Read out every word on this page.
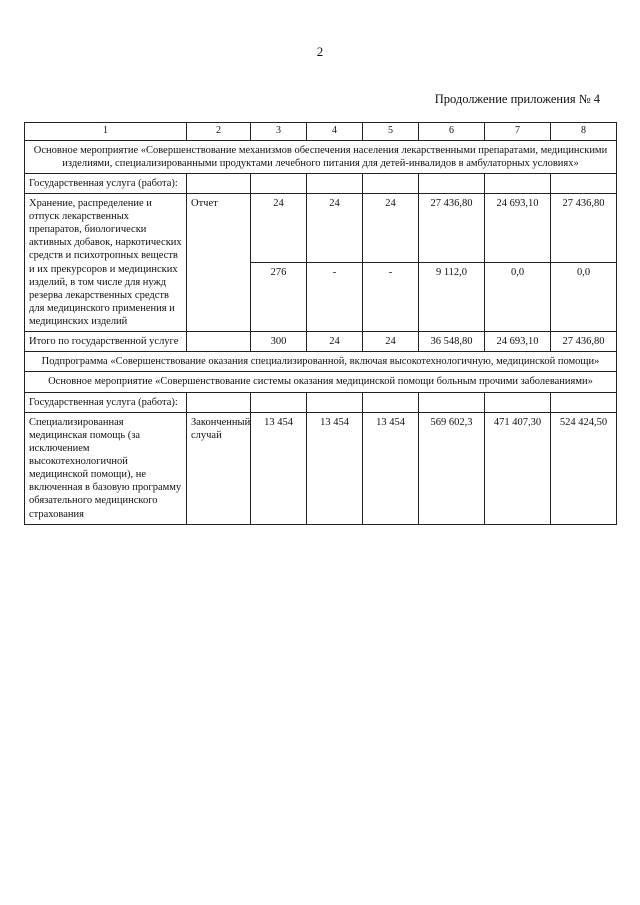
2
Продолжение приложения № 4
1	2	3	4	5	6	7	8
Основное мероприятие «Совершенствование механизмов обеспечения населения лекарственными препаратами, медицинскими изделиями, специализированными продуктами лечебного питания для детей-инвалидов в амбулаторных условиях»							
Государственная услуга (работа):							
Хранение, распределение и отпуск лекарственных препаратов, биологически активных добавок, наркотических средств и психотропных веществ и их прекурсоров и медицинских изделий, в том числе для нужд резерва лекарственных средств для медицинского применения и медицинских изделий	Отчет	24	24	24	27 436,80	24 693,10	27 436,80
		276	-	-	9 112,0	0,0	0,0
Итого по государственной услуге		300	24	24	36 548,80	24 693,10	27 436,80
Подпрограмма «Совершенствование оказания специализированной, включая высокотехнологичную, медицинской помощи»							
Основное мероприятие «Совершенствование системы оказания медицинской помощи больным прочими заболеваниями»							
Государственная услуга (работа):							
Специализированная медицинская помощь (за исключением высокотехнологичной медицинской помощи), не включенная в базовую программу обязательного медицинского страхования	Законченный случай	13 454	13 454	13 454	569 602,3	471 407,30	524 424,50
